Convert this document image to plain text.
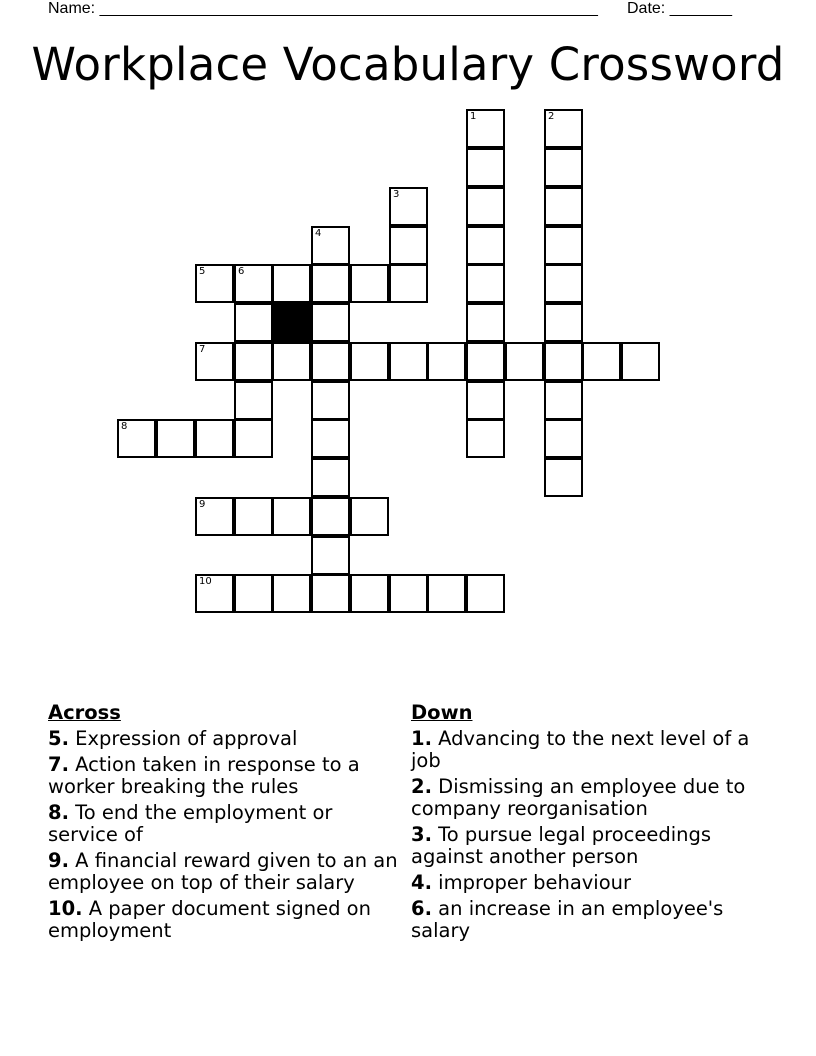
Name: ________________________________________________________ Date: _______
Workplace Vocabulary Crossword
1	2
3
4
5	6
7
8
9
10
Across
5. Expression of approval
7. Action taken in response to a worker breaking the rules
8. To end the employment or service of
9. A financial reward given to an an employee on top of their salary
10. A paper document signed on employment
Down
1. Advancing to the next level of a job
2. Dismissing an employee due to company reorganisation
3. To pursue legal proceedings against another person
4. improper behaviour
6. an increase in an employee's salary
